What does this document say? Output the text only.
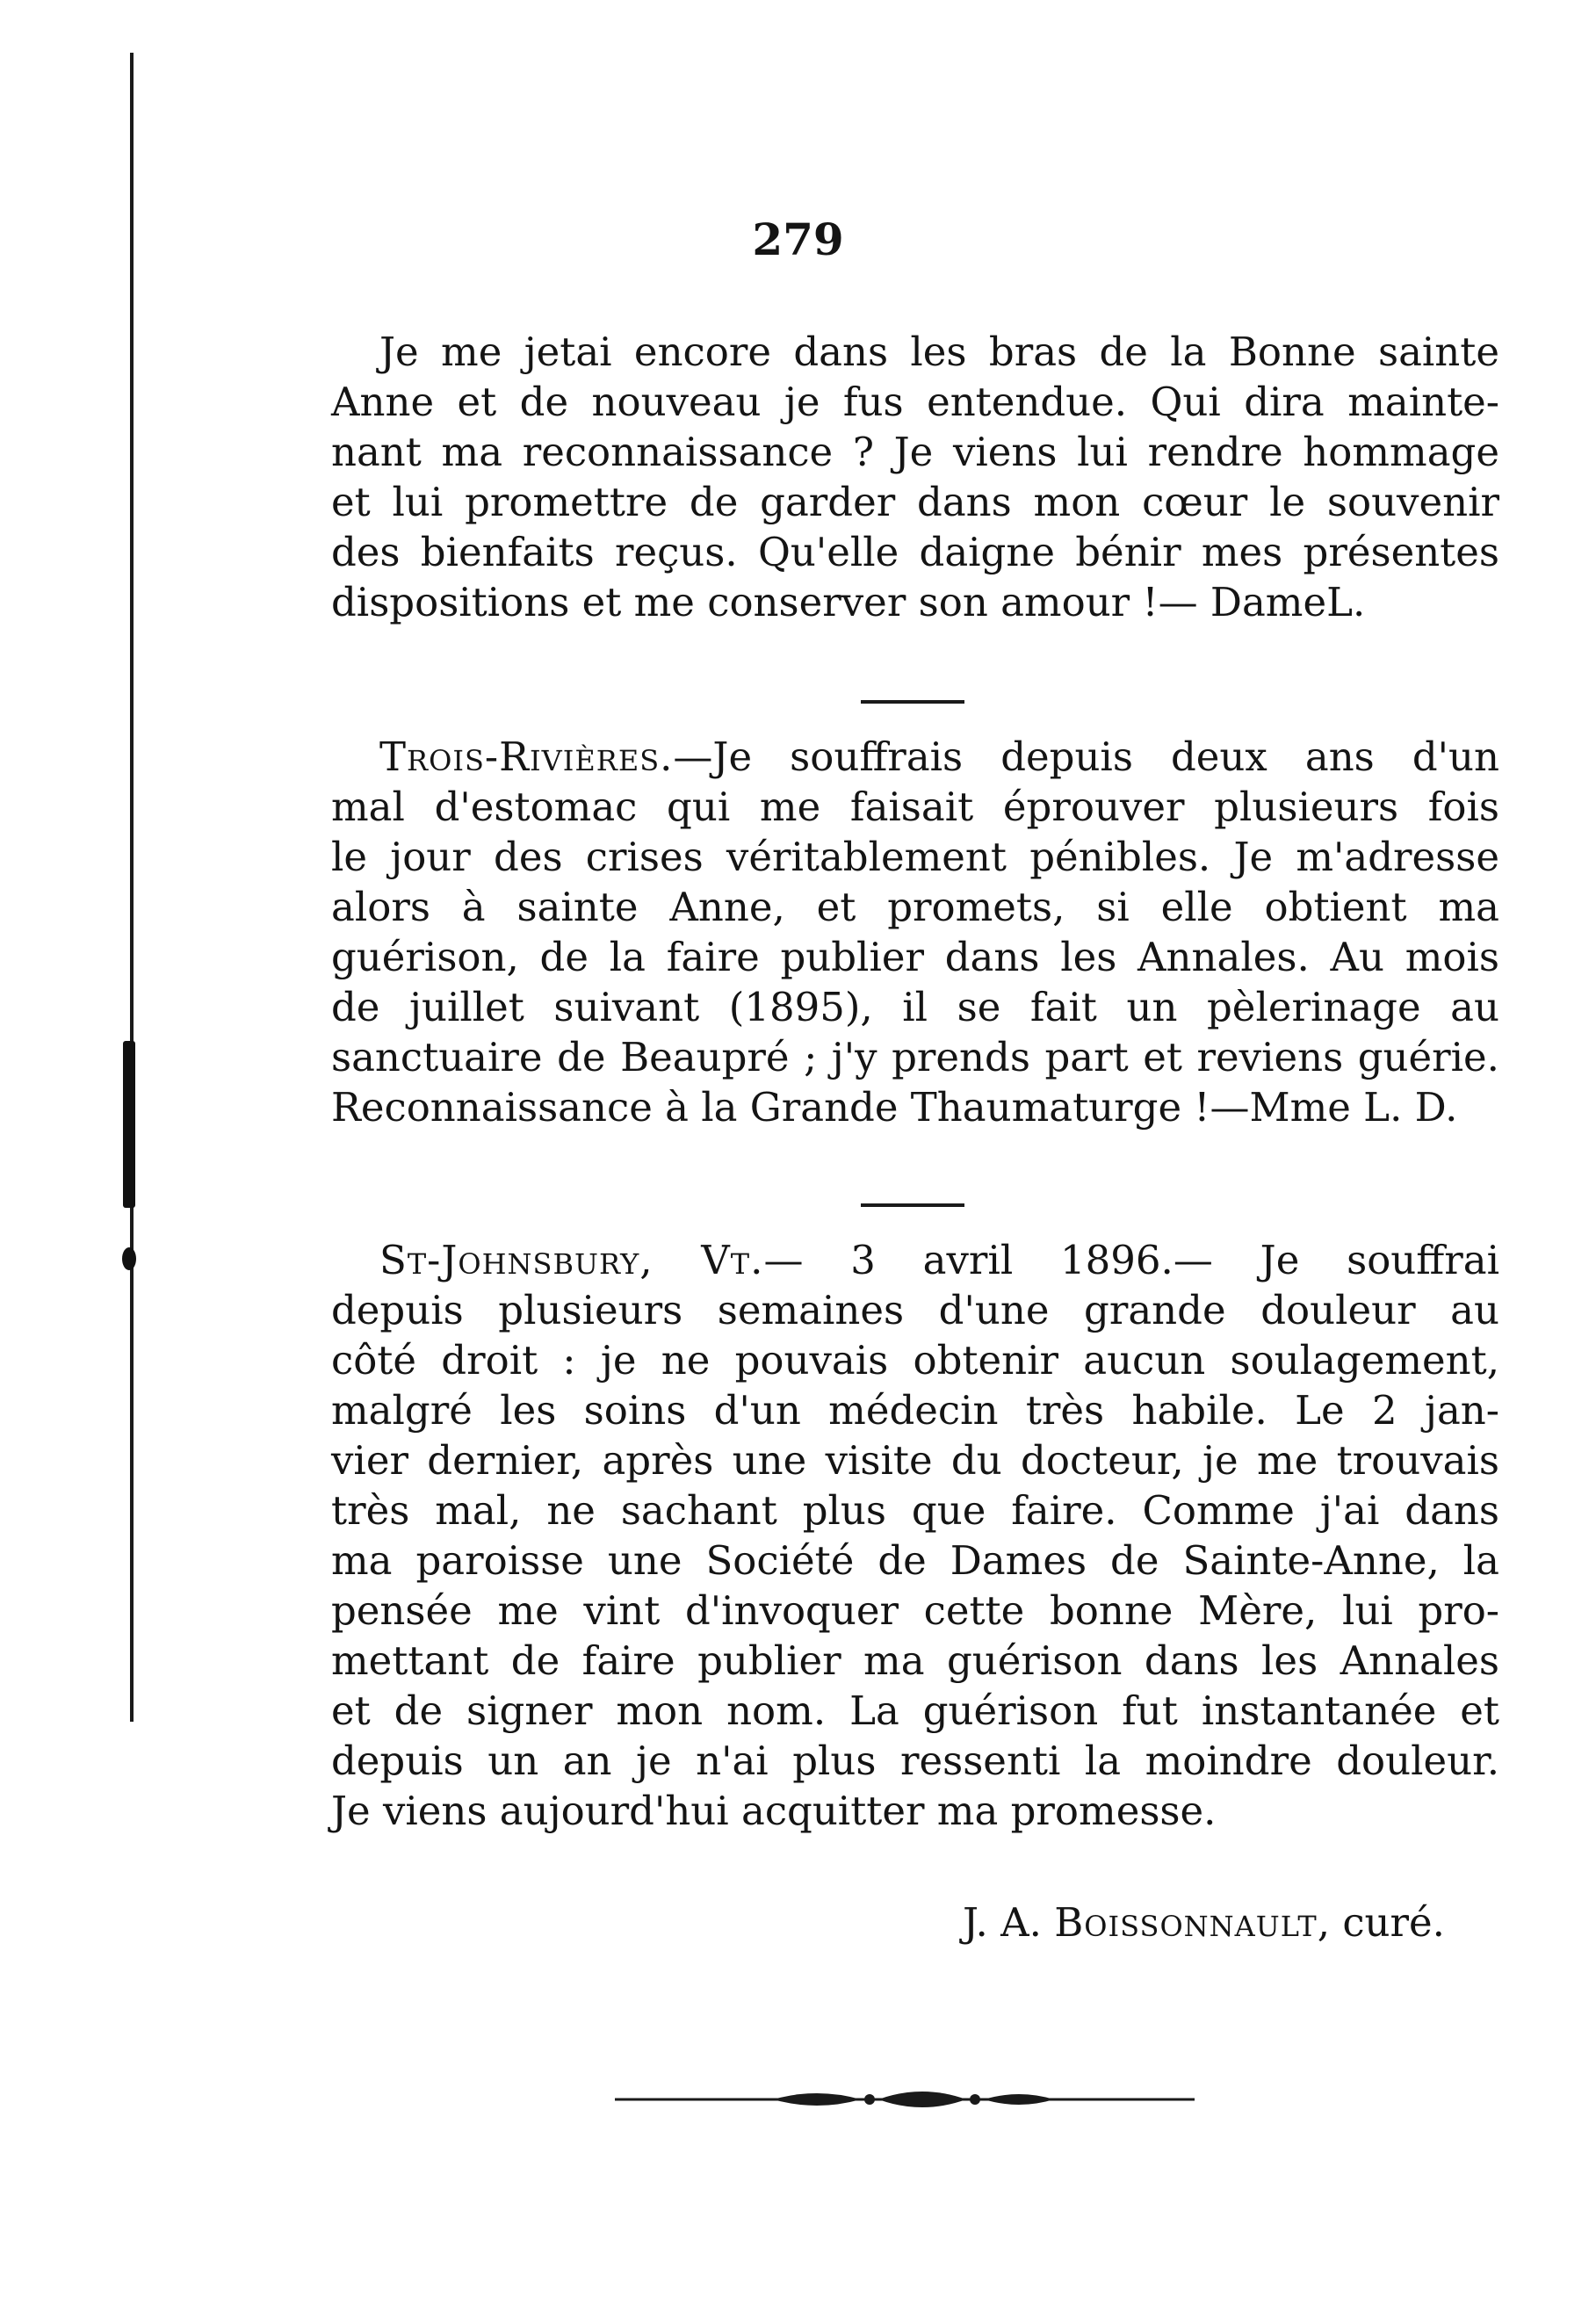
279
Je me jetai encore dans les bras de la Bonne sainte
Anne et de nouveau je fus entendue. Qui dira mainte-
nant ma reconnaissance ? Je viens lui rendre hommage
et lui promettre de garder dans mon cœur le souvenir
des bienfaits reçus. Qu'elle daigne bénir mes présentes
dispositions et me conserver son amour !— DameL.
Trois-Rivières.—Je souffrais depuis deux ans d'un
mal d'estomac qui me faisait éprouver plusieurs fois
le jour des crises véritablement pénibles. Je m'adresse
alors à sainte Anne, et promets, si elle obtient ma
guérison, de la faire publier dans les Annales. Au mois
de juillet suivant (1895), il se fait un pèlerinage au
sanctuaire de Beaupré ; j'y prends part et reviens guérie.
Reconnaissance à la Grande Thaumaturge !—Mme L. D.
St-Johnsbury, Vt.— 3 avril 1896.— Je souffrai
depuis plusieurs semaines d'une grande douleur au
côté droit : je ne pouvais obtenir aucun soulagement,
malgré les soins d'un médecin très habile. Le 2 jan-
vier dernier, après une visite du docteur, je me trouvais
très mal, ne sachant plus que faire. Comme j'ai dans
ma paroisse une Société de Dames de Sainte-Anne, la
pensée me vint d'invoquer cette bonne Mère, lui pro-
mettant de faire publier ma guérison dans les Annales
et de signer mon nom. La guérison fut instantanée et
depuis un an je n'ai plus ressenti la moindre douleur.
Je viens aujourd'hui acquitter ma promesse.
J. A. Boissonnault, curé.
